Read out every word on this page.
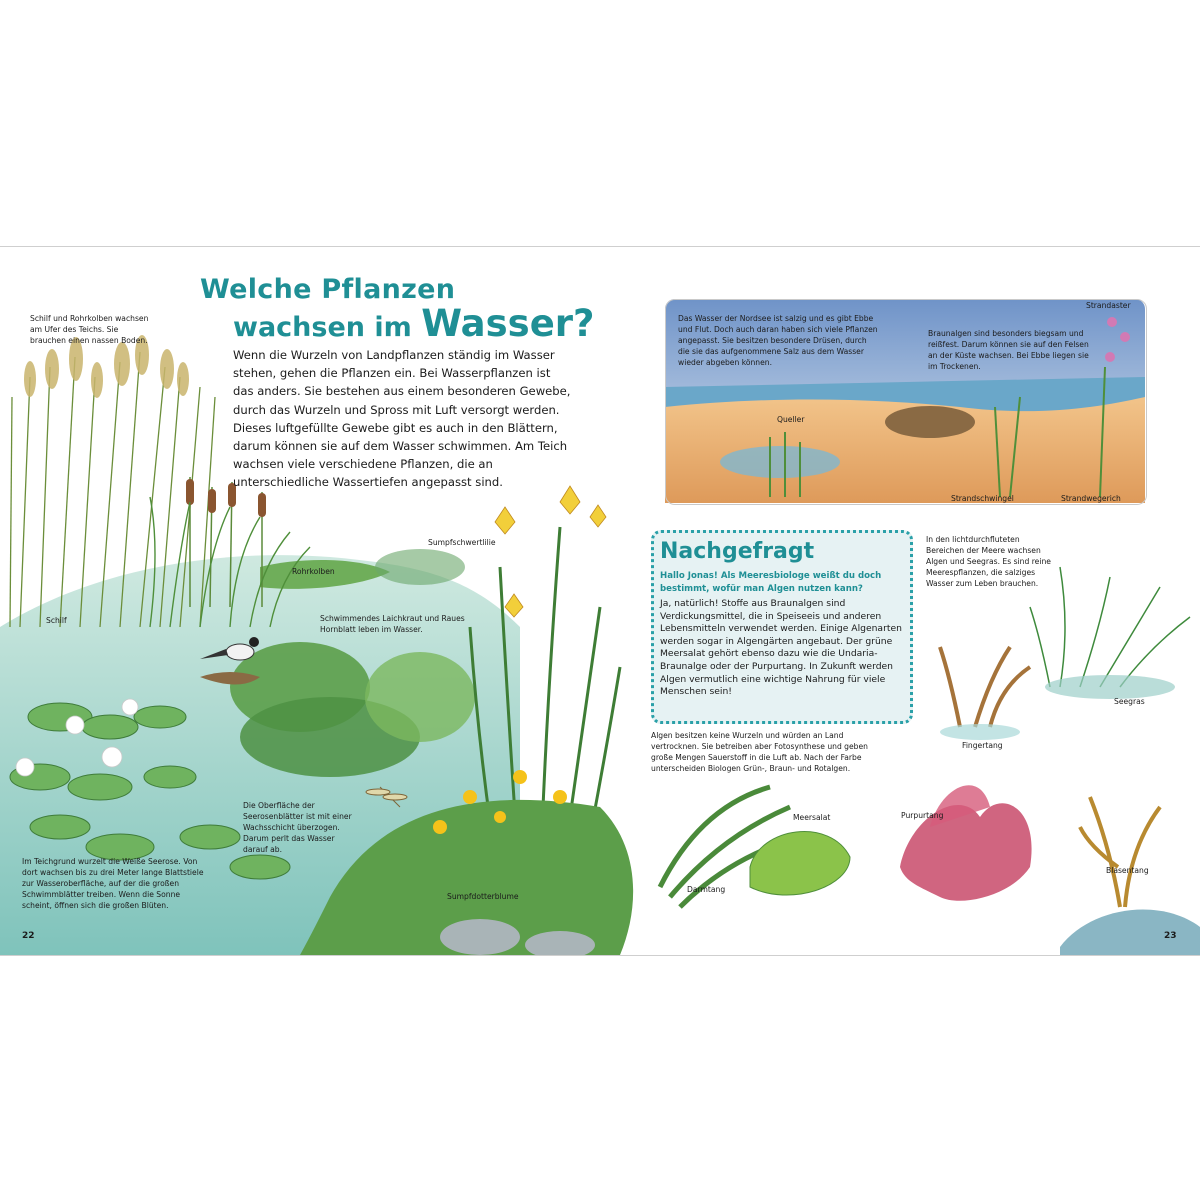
Welche Pflanzen
wachsen im Wasser?
Wenn die Wurzeln von Landpflanzen ständig im Wasser stehen, gehen die Pflanzen ein. Bei Wasserpflanzen ist das anders. Sie bestehen aus einem besonderen Gewebe, durch das Wurzeln und Spross mit Luft versorgt werden. Dieses luftgefüllte Gewebe gibt es auch in den Blättern, darum können sie auf dem Wasser schwimmen. Am Teich wachsen viele verschiedene Pflanzen, die an unterschiedliche Wassertiefen angepasst sind.
Schilf und Rohrkolben wachsen am Ufer des Teichs. Sie brauchen einen nassen Boden.
Rohrkolben
Schilf
Sumpfschwertlilie
Schwimmendes Laichkraut und Raues Hornblatt leben im Wasser.
Die Oberfläche der Seerosenblätter ist mit einer Wachsschicht überzogen. Darum perlt das Wasser darauf ab.
Im Teichgrund wurzelt die Weiße Seerose. Von dort wachsen bis zu drei Meter lange Blattstiele zur Wasseroberfläche, auf der die großen Schwimmblätter treiben. Wenn die Sonne scheint, öffnen sich die großen Blüten.
Sumpfdotterblume
22
Das Wasser der Nordsee ist salzig und es gibt Ebbe und Flut. Doch auch daran haben sich viele Pflanzen angepasst. Sie besitzen besondere Drüsen, durch die sie das aufgenommene Salz aus dem Wasser wieder abgeben können.
Braunalgen sind besonders biegsam und reißfest. Darum können sie auf den Felsen an der Küste wachsen. Bei Ebbe liegen sie im Trockenen.
Strandaster
Queller
Strandschwingel	Strandwegerich
Nachgefragt
Hallo Jonas! Als Meeresbiologe weißt du doch bestimmt, wofür man Algen nutzen kann?
Ja, natürlich! Stoffe aus Braunalgen sind Verdickungsmittel, die in Speiseeis und anderen Lebensmitteln verwendet werden. Einige Algenarten werden sogar in Algengärten angebaut. Der grüne Meersalat gehört ebenso dazu wie die Undaria-Braunalge oder der Purpurtang. In Zukunft werden Algen vermutlich eine wichtige Nahrung für viele Menschen sein!
In den lichtdurchfluteten Bereichen der Meere wachsen Algen und Seegras. Es sind reine Meerespflanzen, die salziges Wasser zum Leben brauchen.
Seegras
Fingertang
Algen besitzen keine Wurzeln und würden an Land vertrocknen. Sie betreiben aber Fotosynthese und geben große Mengen Sauerstoff in die Luft ab. Nach der Farbe unterscheiden Biologen Grün-, Braun- und Rotalgen.
Meersalat
Darmtang
Purpurtang
Blasentang
23
